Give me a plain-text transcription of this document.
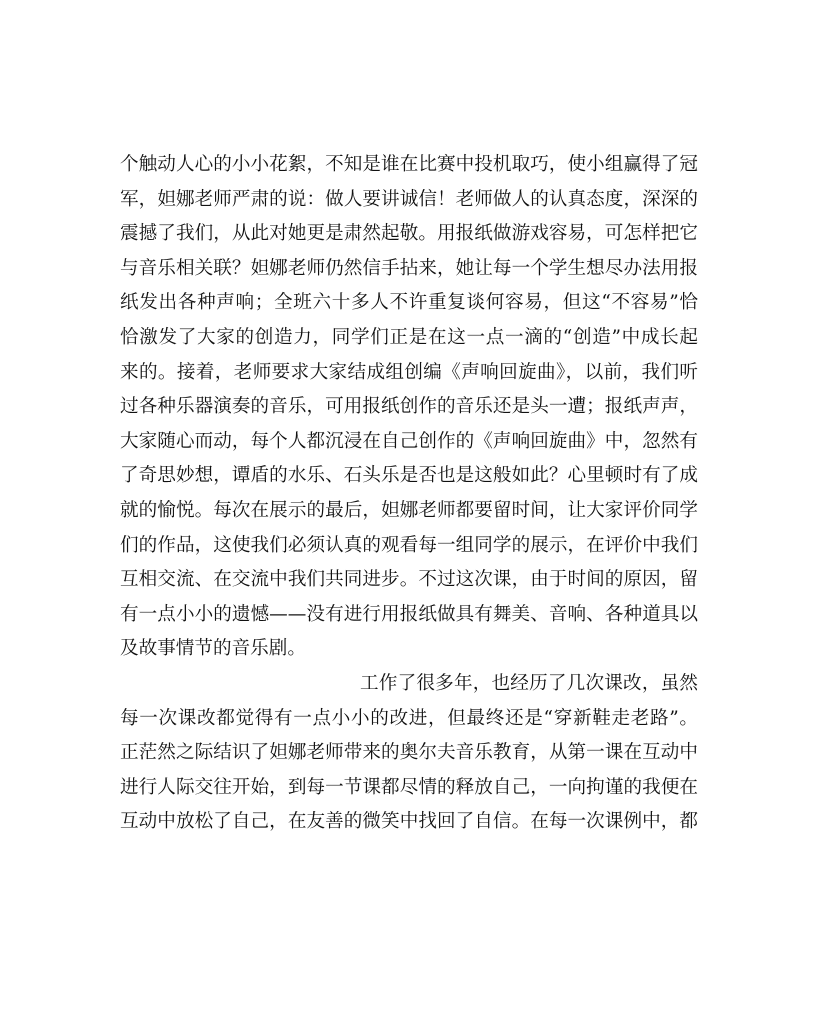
个触动人心的小小花絮，不知是谁在比赛中投机取巧，使小组赢得了冠
军，妲娜老师严肃的说：做人要讲诚信！老师做人的认真态度，深深的
震撼了我们，从此对她更是肃然起敬。用报纸做游戏容易，可怎样把它
与音乐相关联？妲娜老师仍然信手拈来，她让每一个学生想尽办法用报
纸发出各种声响；全班六十多人不许重复谈何容易，但这“不容易”恰
恰激发了大家的创造力，同学们正是在这一点一滴的“创造”中成长起
来的。接着，老师要求大家结成组创编《声响回旋曲》，以前，我们听
过各种乐器演奏的音乐，可用报纸创作的音乐还是头一遭；报纸声声，
大家随心而动，每个人都沉浸在自己创作的《声响回旋曲》中，忽然有
了奇思妙想，谭盾的水乐、石头乐是否也是这般如此？心里顿时有了成
就的愉悦。每次在展示的最后，妲娜老师都要留时间，让大家评价同学
们的作品，这使我们必须认真的观看每一组同学的展示，在评价中我们
互相交流、在交流中我们共同进步。不过这次课，由于时间的原因，留
有一点小小的遗憾——没有进行用报纸做具有舞美、音响、各种道具以
及故事情节的音乐剧。
工作了很多年，也经历了几次课改，虽然
每一次课改都觉得有一点小小的改进，但最终还是“穿新鞋走老路”。
正茫然之际结识了妲娜老师带来的奥尔夫音乐教育，从第一课在互动中
进行人际交往开始，到每一节课都尽情的释放自己，一向拘谨的我便在
互动中放松了自己，在友善的微笑中找回了自信。在每一次课例中，都
